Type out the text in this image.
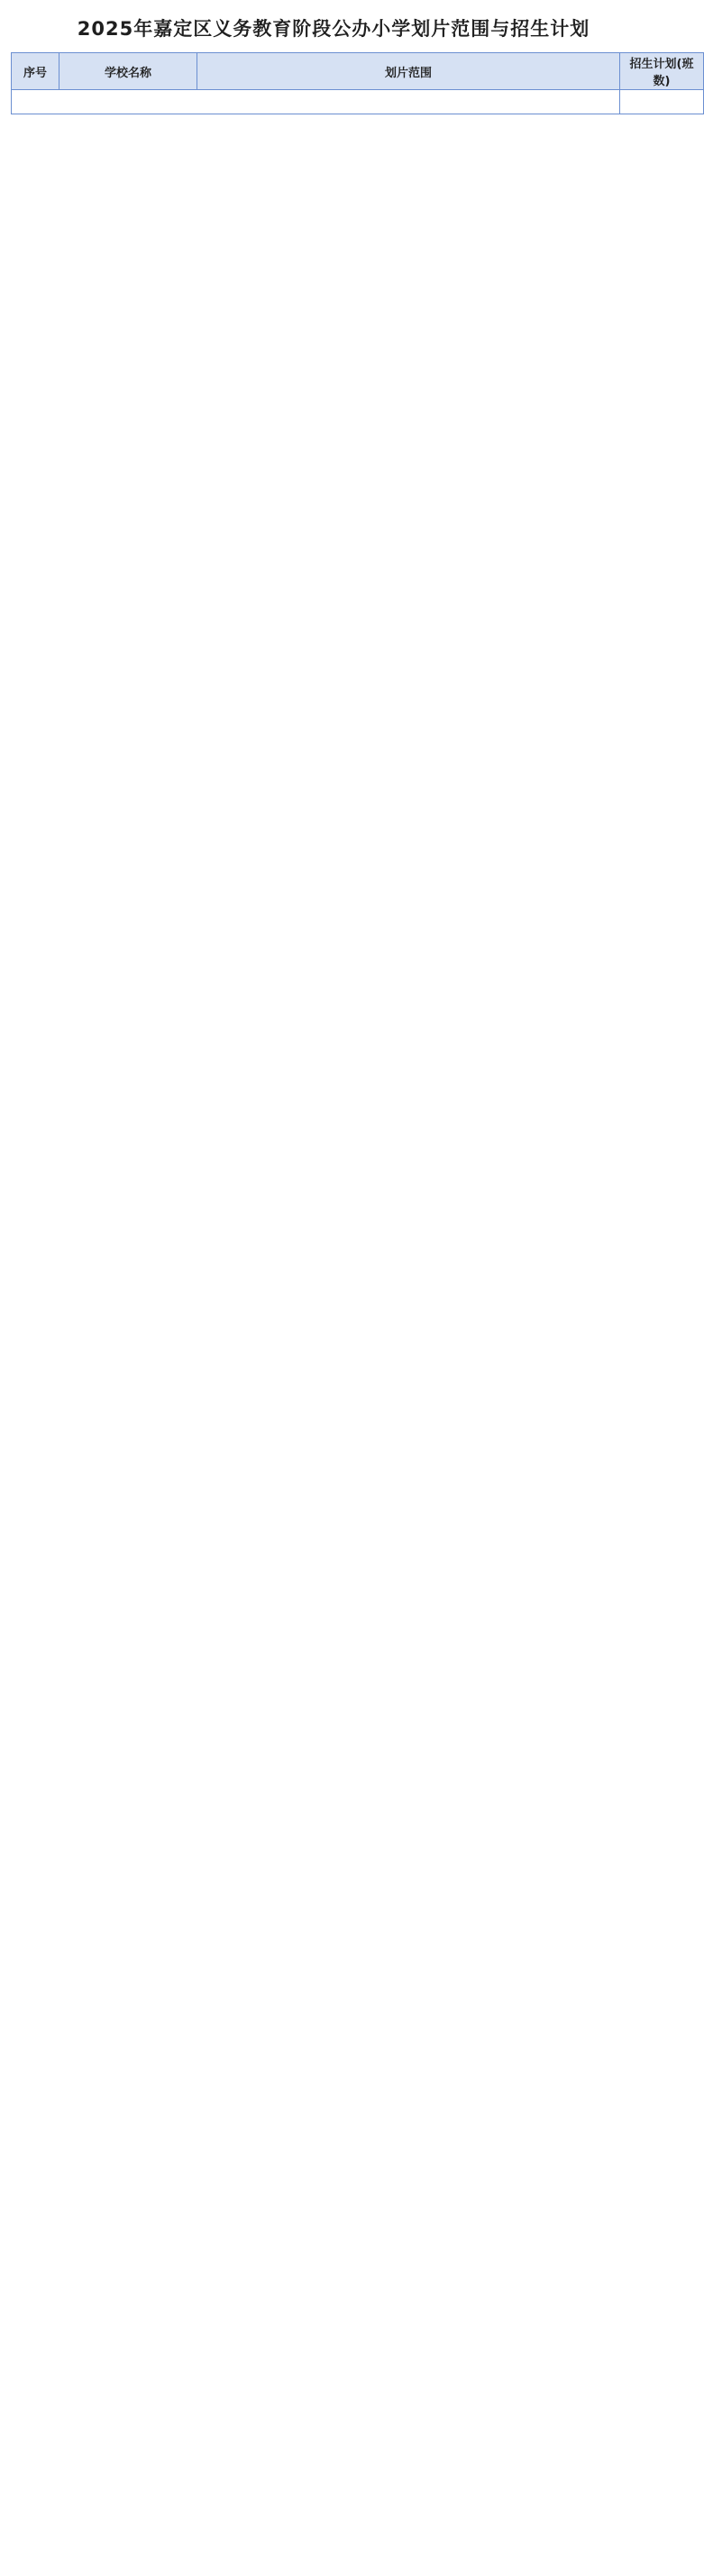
2025年嘉定区义务教育阶段公办小学划片范围与招生计划
序号	学校名称	划片范围	招生计划(班数)
